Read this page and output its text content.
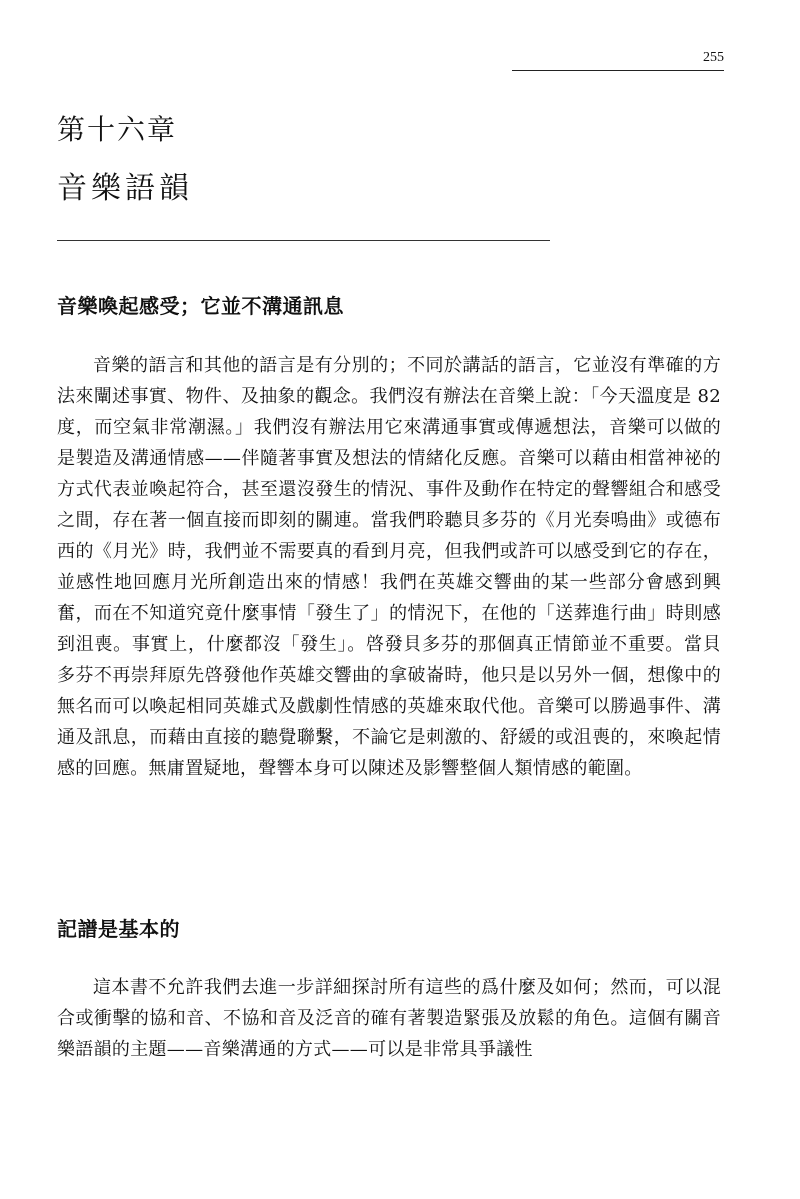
255
第十六章
音樂語韻
音樂喚起感受；它並不溝通訊息
音樂的語言和其他的語言是有分別的；不同於講話的語言，它並沒有準確的方法來闡述事實、物件、及抽象的觀念。我們沒有辦法在音樂上說：「今天溫度是 82 度，而空氣非常潮濕。」我們沒有辦法用它來溝通事實或傳遞想法，音樂可以做的是製造及溝通情感——伴隨著事實及想法的情緒化反應。音樂可以藉由相當神祕的方式代表並喚起符合，甚至還沒發生的情況、事件及動作在特定的聲響組合和感受之間，存在著一個直接而即刻的關連。當我們聆聽貝多芬的《月光奏鳴曲》或德布西的《月光》時，我們並不需要真的看到月亮，但我們或許可以感受到它的存在，並感性地回應月光所創造出來的情感！我們在英雄交響曲的某一些部分會感到興奮，而在不知道究竟什麼事情「發生了」的情況下，在他的「送葬進行曲」時則感到沮喪。事實上，什麼都沒「發生」。啓發貝多芬的那個真正情節並不重要。當貝多芬不再崇拜原先啓發他作英雄交響曲的拿破崙時，他只是以另外一個，想像中的無名而可以喚起相同英雄式及戲劇性情感的英雄來取代他。音樂可以勝過事件、溝通及訊息，而藉由直接的聽覺聯繫，不論它是刺激的、舒緩的或沮喪的，來喚起情感的回應。無庸置疑地，聲響本身可以陳述及影響整個人類情感的範圍。
記譜是基本的
這本書不允許我們去進一步詳細探討所有這些的爲什麼及如何；然而，可以混合或衝擊的協和音、不協和音及泛音的確有著製造緊張及放鬆的角色。這個有關音樂語韻的主題——音樂溝通的方式——可以是非常具爭議性
